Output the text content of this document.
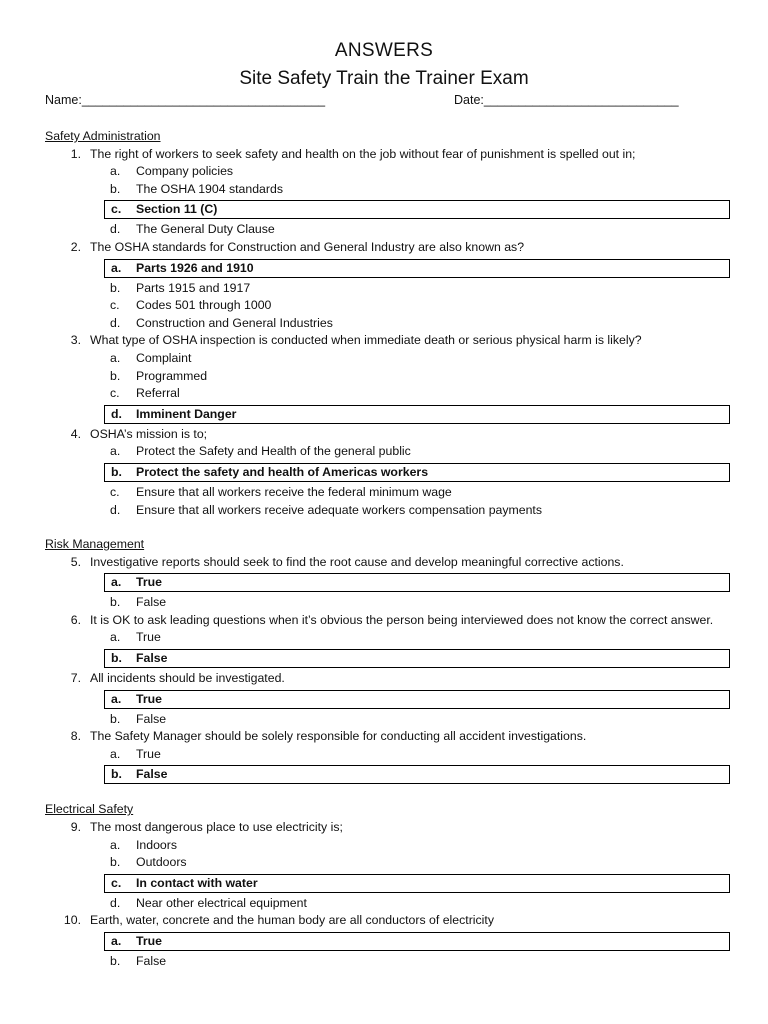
ANSWERS
Site Safety Train the Trainer Exam
Name:___________________________________	Date:____________________________
Safety Administration
1. The right of workers to seek safety and health on the job without fear of punishment is spelled out in;
a. Company policies
b. The OSHA 1904 standards
c. Section 11 (C)
d. The General Duty Clause
2. The OSHA standards for Construction and General Industry are also known as?
a. Parts 1926 and 1910
b. Parts 1915 and 1917
c. Codes 501 through 1000
d. Construction and General Industries
3. What type of OSHA inspection is conducted when immediate death or serious physical harm is likely?
a. Complaint
b. Programmed
c. Referral
d. Imminent Danger
4. OSHA’s mission is to;
a. Protect the Safety and Health of the general public
b. Protect the safety and health of Americas workers
c. Ensure that all workers receive the federal minimum wage
d. Ensure that all workers receive adequate workers compensation payments
Risk Management
5. Investigative reports should seek to find the root cause and develop meaningful corrective actions.
a. True
b. False
6. It is OK to ask leading questions when it’s obvious the person being interviewed does not know the correct answer.
a. True
b. False
7. All incidents should be investigated.
a. True
b. False
8. The Safety Manager should be solely responsible for conducting all accident investigations.
a. True
b. False
Electrical Safety
9. The most dangerous place to use electricity is;
a. Indoors
b. Outdoors
c. In contact with water
d. Near other electrical equipment
10. Earth, water, concrete and the human body are all conductors of electricity
a. True
b. False
